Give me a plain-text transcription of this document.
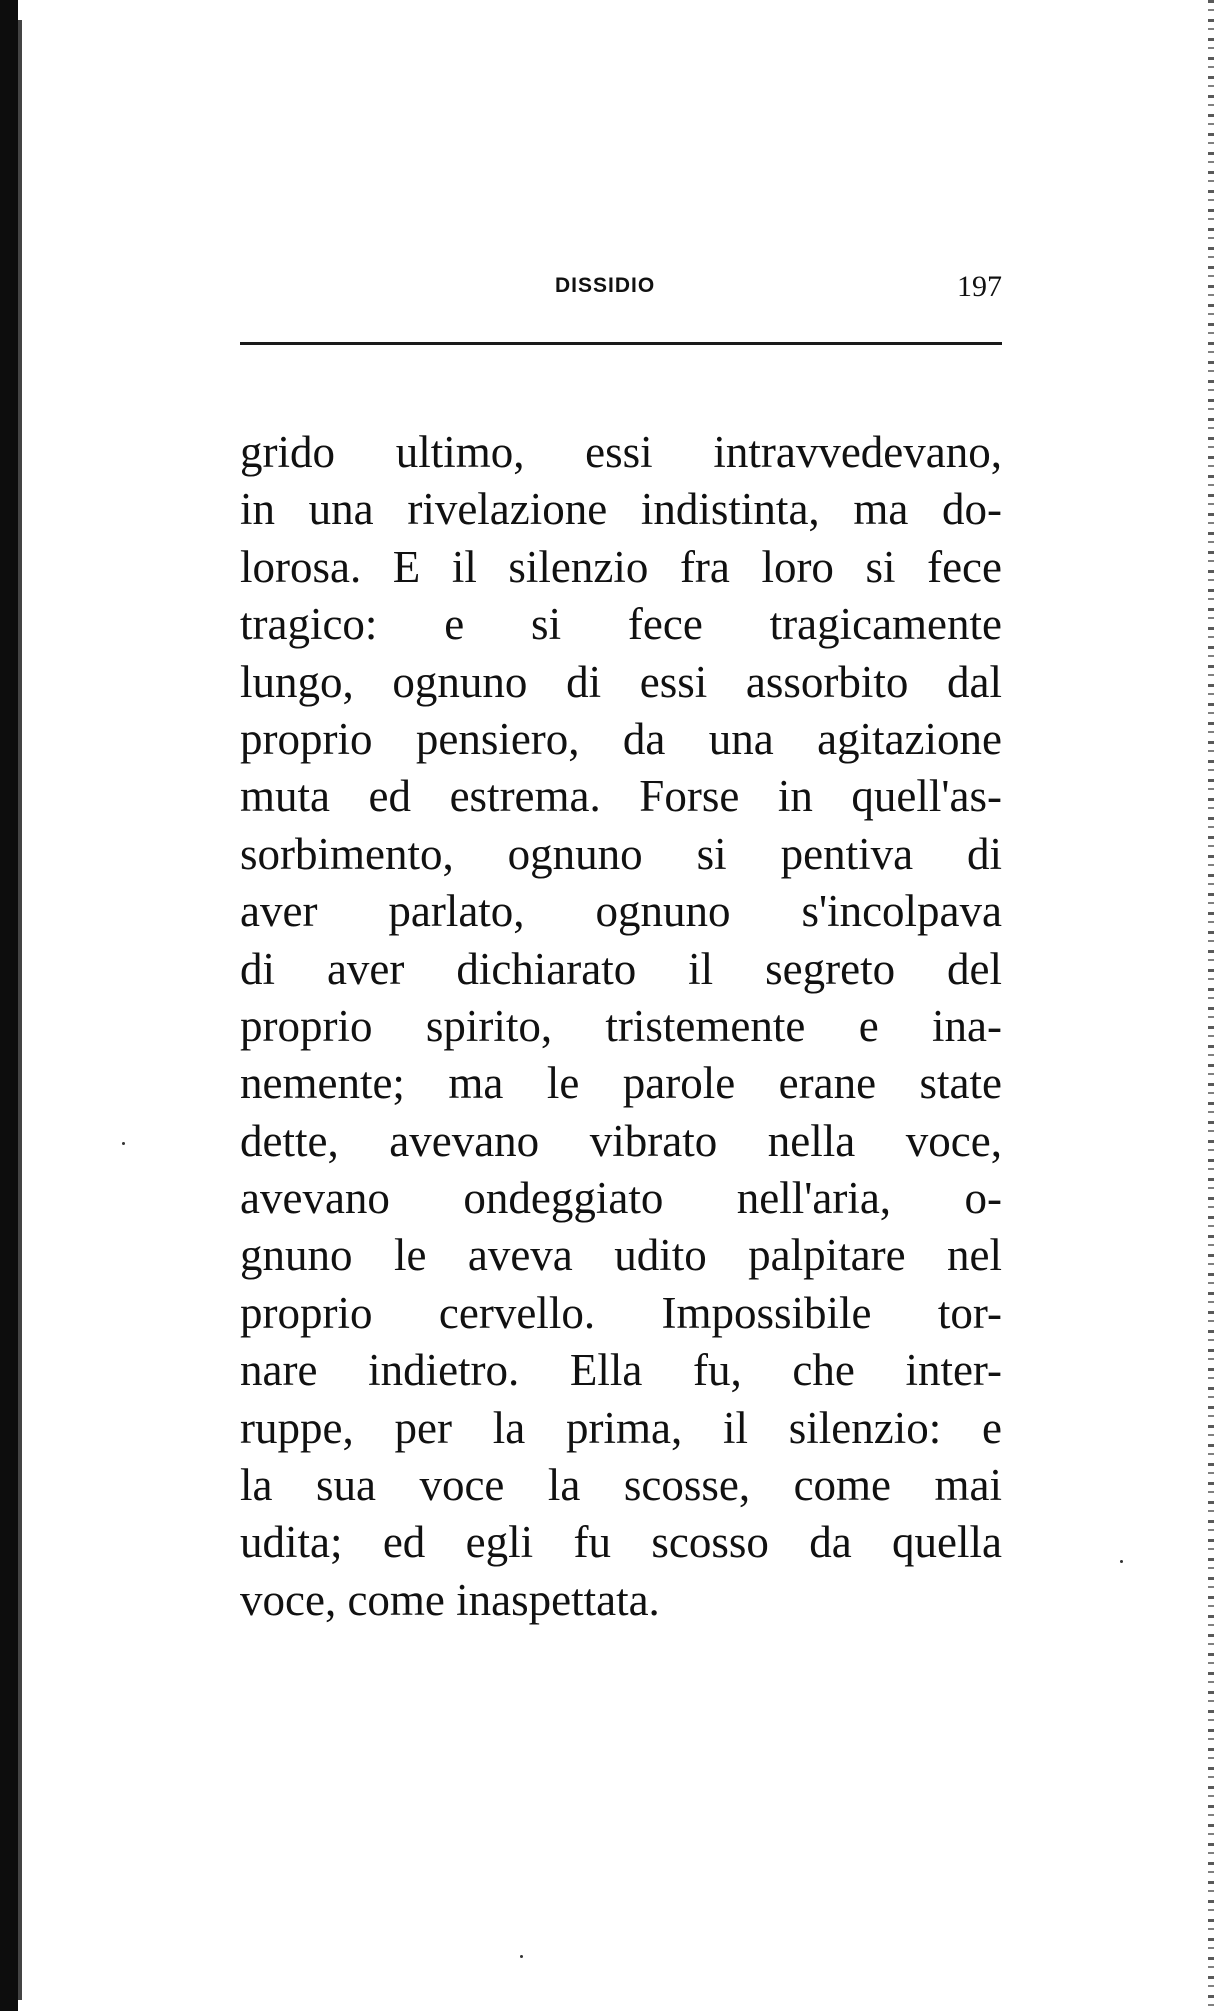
DISSIDIO	197
grido ultimo, essi intravvedevano,
in una rivelazione indistinta, ma do-
lorosa. E il silenzio fra loro si fece
tragico: e si fece tragicamente
lungo, ognuno di essi assorbito dal
proprio pensiero, da una agitazione
muta ed estrema. Forse in quell'as-
sorbimento, ognuno si pentiva di
aver parlato, ognuno s'incolpava
di aver dichiarato il segreto del
proprio spirito, tristemente e ina-
nemente; ma le parole erane state
dette, avevano vibrato nella voce,
avevano ondeggiato nell'aria, o-
gnuno le aveva udito palpitare nel
proprio cervello. Impossibile tor-
nare indietro. Ella fu, che inter-
ruppe, per la prima, il silenzio: e
la sua voce la scosse, come mai
udita; ed egli fu scosso da quella
voce, come inaspettata.
